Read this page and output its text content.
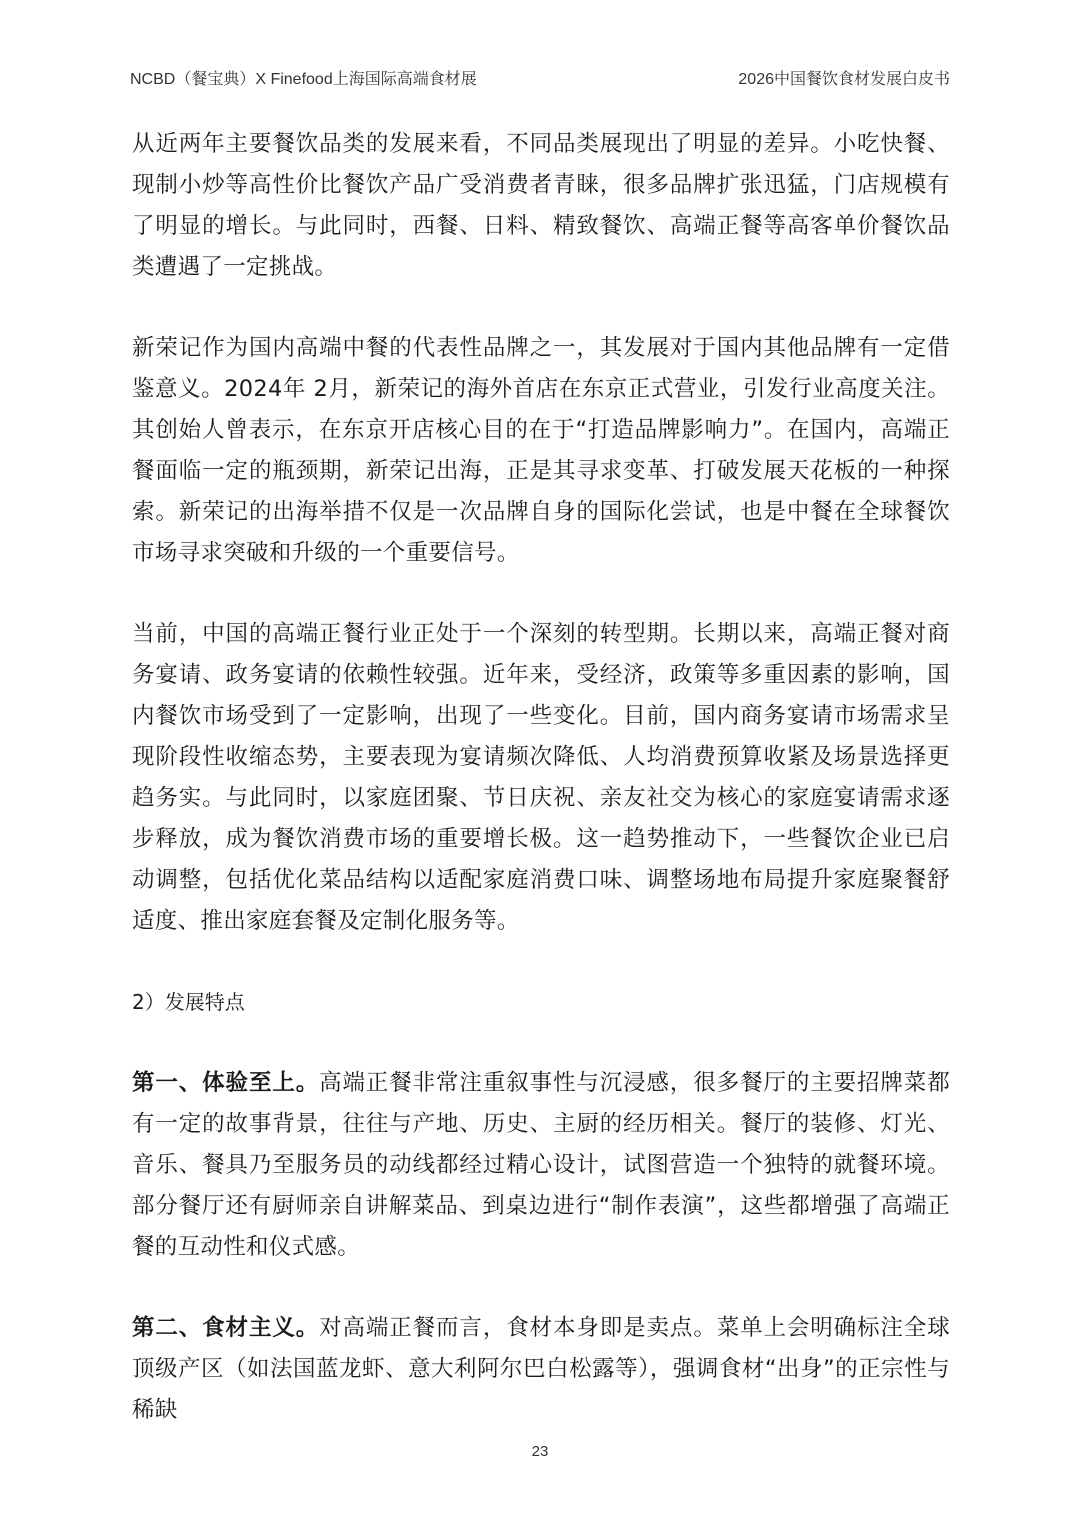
NCBD（餐宝典）X Finefood上海国际高端食材展	2026中国餐饮食材发展白皮书

从近两年主要餐饮品类的发展来看，不同品类展现出了明显的差异。小吃快餐、现制小炒等高性价比餐饮产品广受消费者青睐，很多品牌扩张迅猛，门店规模有了明显的增长。与此同时，西餐、日料、精致餐饮、高端正餐等高客单价餐饮品类遭遇了一定挑战。

新荣记作为国内高端中餐的代表性品牌之一，其发展对于国内其他品牌有一定借鉴意义。2024年 2月，新荣记的海外首店在东京正式营业，引发行业高度关注。其创始人曾表示，在东京开店核心目的在于“打造品牌影响力”。在国内，高端正餐面临一定的瓶颈期，新荣记出海，正是其寻求变革、打破发展天花板的一种探索。新荣记的出海举措不仅是一次品牌自身的国际化尝试，也是中餐在全球餐饮市场寻求突破和升级的一个重要信号。

当前，中国的高端正餐行业正处于一个深刻的转型期。长期以来，高端正餐对商务宴请、政务宴请的依赖性较强。近年来，受经济，政策等多重因素的影响，国内餐饮市场受到了一定影响，出现了一些变化。目前，国内商务宴请市场需求呈现阶段性收缩态势，主要表现为宴请频次降低、人均消费预算收紧及场景选择更趋务实。与此同时，以家庭团聚、节日庆祝、亲友社交为核心的家庭宴请需求逐步释放，成为餐饮消费市场的重要增长极。这一趋势推动下，一些餐饮企业已启动调整，包括优化菜品结构以适配家庭消费口味、调整场地布局提升家庭聚餐舒适度、推出家庭套餐及定制化服务等。

2）发展特点

第一、体验至上。高端正餐非常注重叙事性与沉浸感，很多餐厅的主要招牌菜都有一定的故事背景，往往与产地、历史、主厨的经历相关。餐厅的装修、灯光、音乐、餐具乃至服务员的动线都经过精心设计，试图营造一个独特的就餐环境。部分餐厅还有厨师亲自讲解菜品、到桌边进行“制作表演”，这些都增强了高端正餐的互动性和仪式感。

第二、食材主义。对高端正餐而言，食材本身即是卖点。菜单上会明确标注全球顶级产区（如法国蓝龙虾、意大利阿尔巴白松露等），强调食材“出身”的正宗性与稀缺

23
